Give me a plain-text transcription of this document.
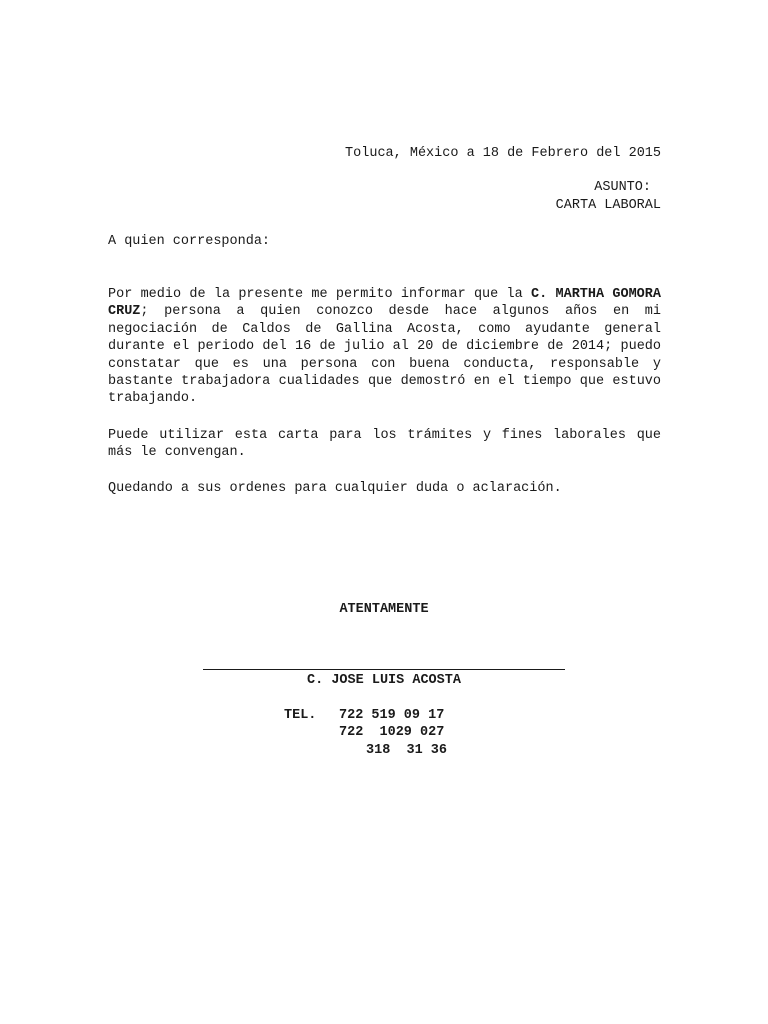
Toluca, México a 18 de Febrero del 2015
ASUNTO:
CARTA LABORAL
A quien corresponda:

Por medio de la presente me permito informar que la C. MARTHA GOMORA CRUZ; persona a quien conozco desde hace algunos años en mi negociación de Caldos de Gallina Acosta, como ayudante general durante el periodo del 16 de julio al 20 de diciembre de 2014; puedo constatar que es una persona con buena conducta, responsable y bastante trabajadora cualidades que demostró en el tiempo que estuvo trabajando.

Puede utilizar esta carta para los trámites y fines laborales que más le convengan.

Quedando a sus ordenes para cualquier duda o aclaración.

ATENTAMENTE
C. JOSE LUIS ACOSTA
TEL. 722 519 09 17
722  1029 027
318  31 36
